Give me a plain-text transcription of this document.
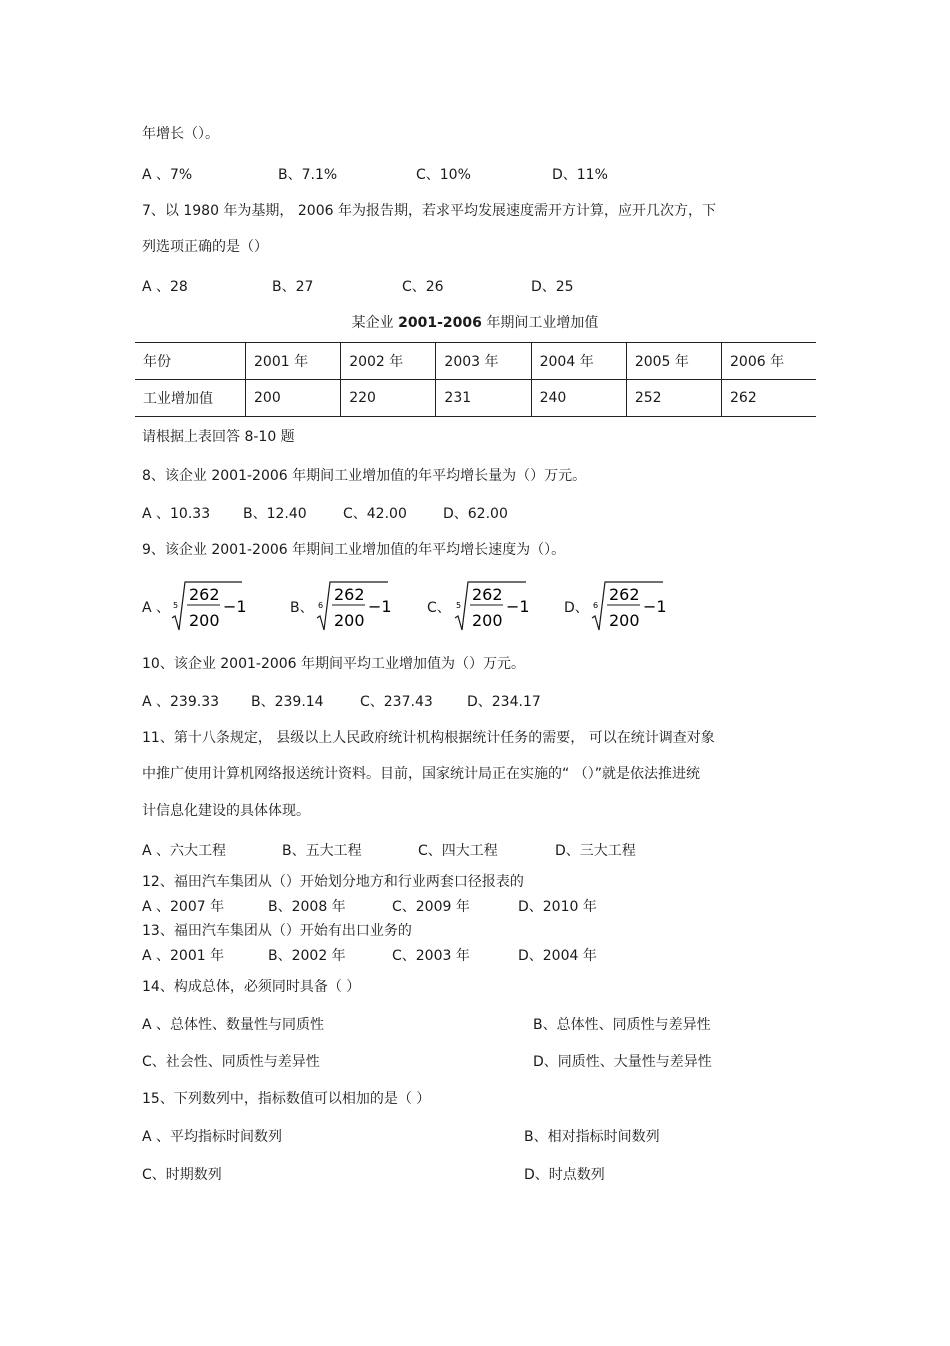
年增长（）。
A 、7%	B、7.1%	C、10%	D、11%
7、以 1980 年为基期， 2006 年为报告期，若求平均发展速度需开方计算，应开几次方，下
列选项正确的是（）
A 、28	B、27	C、26	D、25
某企业 2001-2006 年期间工业增加值
年份	2001 年	2002 年	2003 年	2004 年	2005 年	2006 年
工业增加值	200	220	231	240	252	262
请根据上表回答 8-10 题
8、该企业 2001-2006 年期间工业增加值的年平均增长量为（）万元。
A 、10.33 B、12.40	C、42.00	D、62.00
9、该企业 2001-2006 年期间工业增加值的年平均增长速度为（）。
A 、 5
262
200
−1	B、 6
262
200
−1	C、 5
262
200
−1 D、 6
262
200
−1
10、该企业 2001-2006 年期间平均工业增加值为（）万元。
A 、239.33 B、239.14	C、237.43 D、234.17
11、第十八条规定， 县级以上人民政府统计机构根据统计任务的需要， 可以在统计调查对象
中推广使用计算机网络报送统计资料。目前，国家统计局正在实施的“ （）”就是依法推进统
计信息化建设的具体体现。
A 、六大工程	B、五大工程	C、四大工程	D、三大工程
12、福田汽车集团从（）开始划分地方和行业两套口径报表的
A 、2007 年	B、2008 年	C、2009 年	D、2010 年
13、福田汽车集团从（）开始有出口业务的
A 、2001 年	B、2002 年	C、2003 年	D、2004 年
14、构成总体，必须同时具备（ ）
A 、总体性、数量性与同质性	B、总体性、同质性与差异性
C、社会性、同质性与差异性	D、同质性、大量性与差异性
15、下列数列中，指标数值可以相加的是（ ）
A 、平均指标时间数列	B、相对指标时间数列
C、时期数列	D、时点数列
